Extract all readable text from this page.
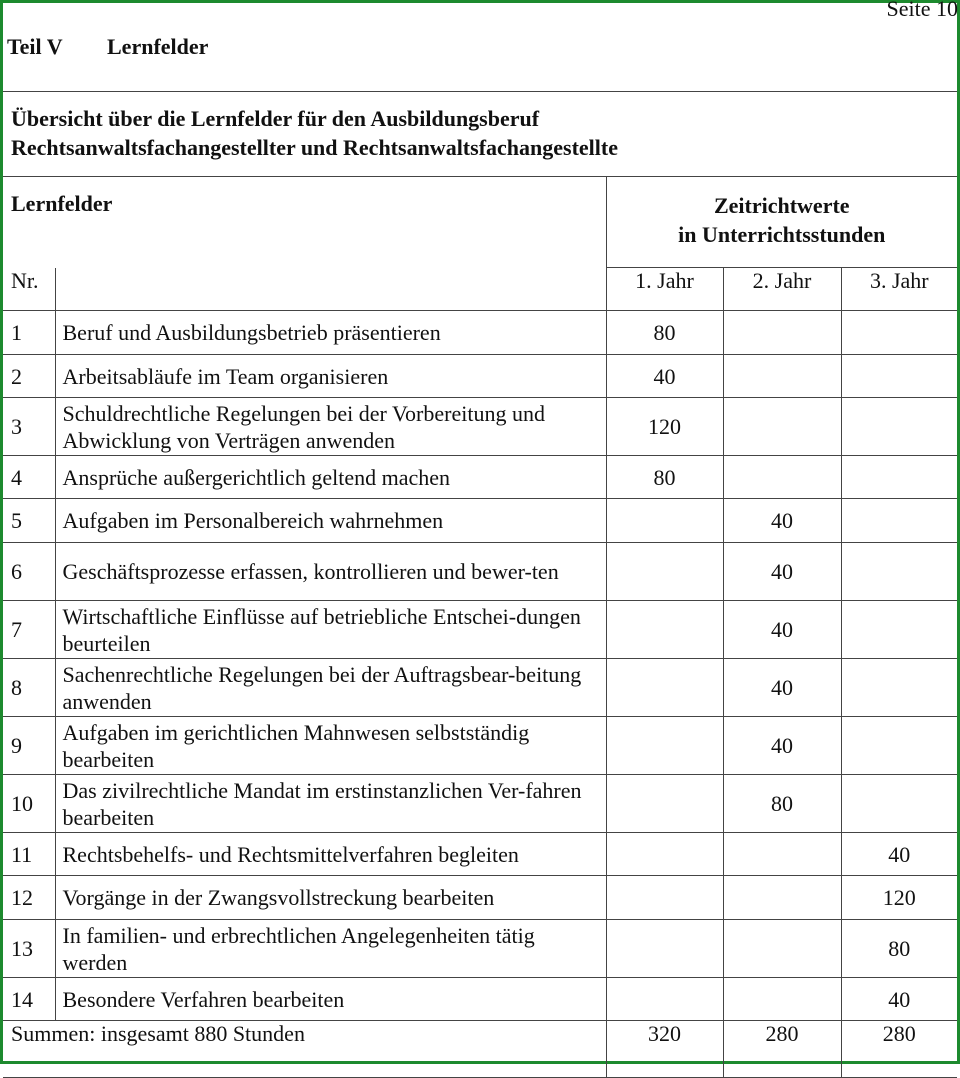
Seite 10
Teil V Lernfelder
Übersicht über die Lernfelder für den Ausbildungsberuf
Rechtsanwaltsfachangestellter und Rechtsanwaltsfachangestellte
Lernfelder		Zeitrichtwerte
in Unterrichtsstunden		

Nr.		1. Jahr	2. Jahr	3. Jahr
1	Beruf und Ausbildungsbetrieb präsentieren	80		
2	Arbeitsabläufe im Team organisieren	40		
3	Schuldrechtliche Regelungen bei der Vorbereitung und Abwicklung von Verträgen anwenden	120		
4	Ansprüche außergerichtlich geltend machen	80		
5	Aufgaben im Personalbereich wahrnehmen		40	
6	Geschäftsprozesse erfassen, kontrollieren und bewer-ten		40	
7	Wirtschaftliche Einflüsse auf betriebliche Entschei-dungen beurteilen		40	
8	Sachenrechtliche Regelungen bei der Auftragsbear-beitung anwenden		40	
9	Aufgaben im gerichtlichen Mahnwesen selbstständig bearbeiten		40	
10	Das zivilrechtliche Mandat im erstinstanzlichen Ver-fahren bearbeiten		80	
11	Rechtsbehelfs- und Rechtsmittelverfahren begleiten			40
12	Vorgänge in der Zwangsvollstreckung bearbeiten			120
13	In familien- und erbrechtlichen Angelegenheiten tätig werden			80
14	Besondere Verfahren bearbeiten			40
Summen: insgesamt 880 Stunden		320	280	280
